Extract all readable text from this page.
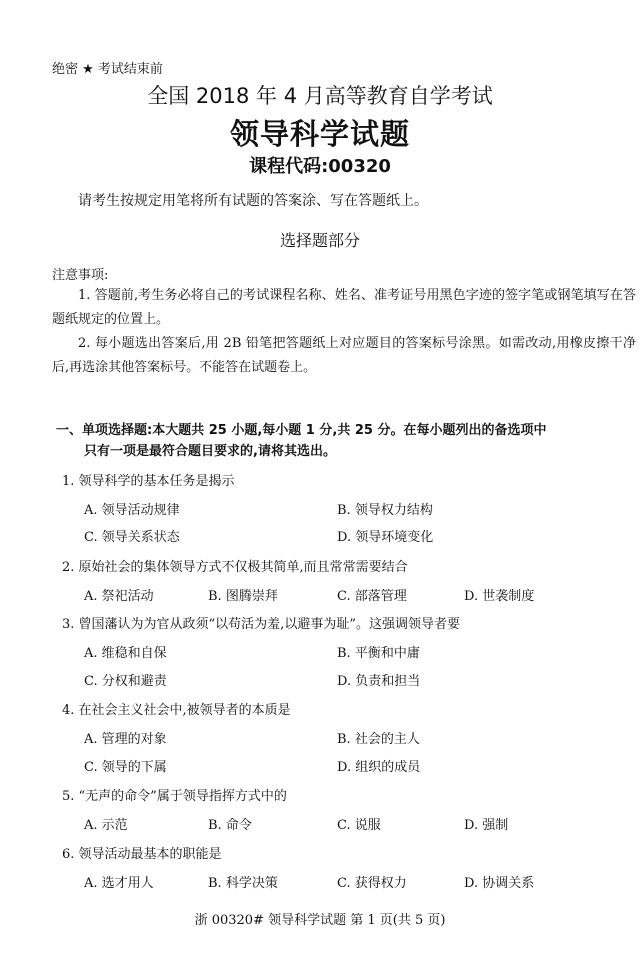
绝密 ★ 考试结束前
全国 2018 年 4 月高等教育自学考试
领导科学试题
课程代码:00320
请考生按规定用笔将所有试题的答案涂、写在答题纸上。
选择题部分
注意事项:
1. 答题前,考生务必将自己的考试课程名称、姓名、准考证号用黑色字迹的签字笔或钢笔填写在答题纸规定的位置上。
2. 每小题选出答案后,用 2B 铅笔把答题纸上对应题目的答案标号涂黑。如需改动,用橡皮擦干净后,再选涂其他答案标号。不能答在试题卷上。
一、单项选择题:本大题共 25 小题,每小题 1 分,共 25 分。在每小题列出的备选项中
只有一项是最符合题目要求的,请将其选出。
1. 领导科学的基本任务是揭示
A. 领导活动规律	B. 领导权力结构
C. 领导关系状态	D. 领导环境变化
2. 原始社会的集体领导方式不仅极其简单,而且常常需要结合
A. 祭祀活动	B. 图腾崇拜	C. 部落管理	D. 世袭制度
3. 曾国藩认为为官从政须“以苟活为羞,以避事为耻”。这强调领导者要
A. 维稳和自保	B. 平衡和中庸
C. 分权和避责	D. 负责和担当
4. 在社会主义社会中,被领导者的本质是
A. 管理的对象	B. 社会的主人
C. 领导的下属	D. 组织的成员
5. “无声的命令”属于领导指挥方式中的
A. 示范	B. 命令	C. 说服	D. 强制
6. 领导活动最基本的职能是
A. 选才用人	B. 科学决策	C. 获得权力	D. 协调关系
浙 00320# 领导科学试题 第 1 页(共 5 页)
